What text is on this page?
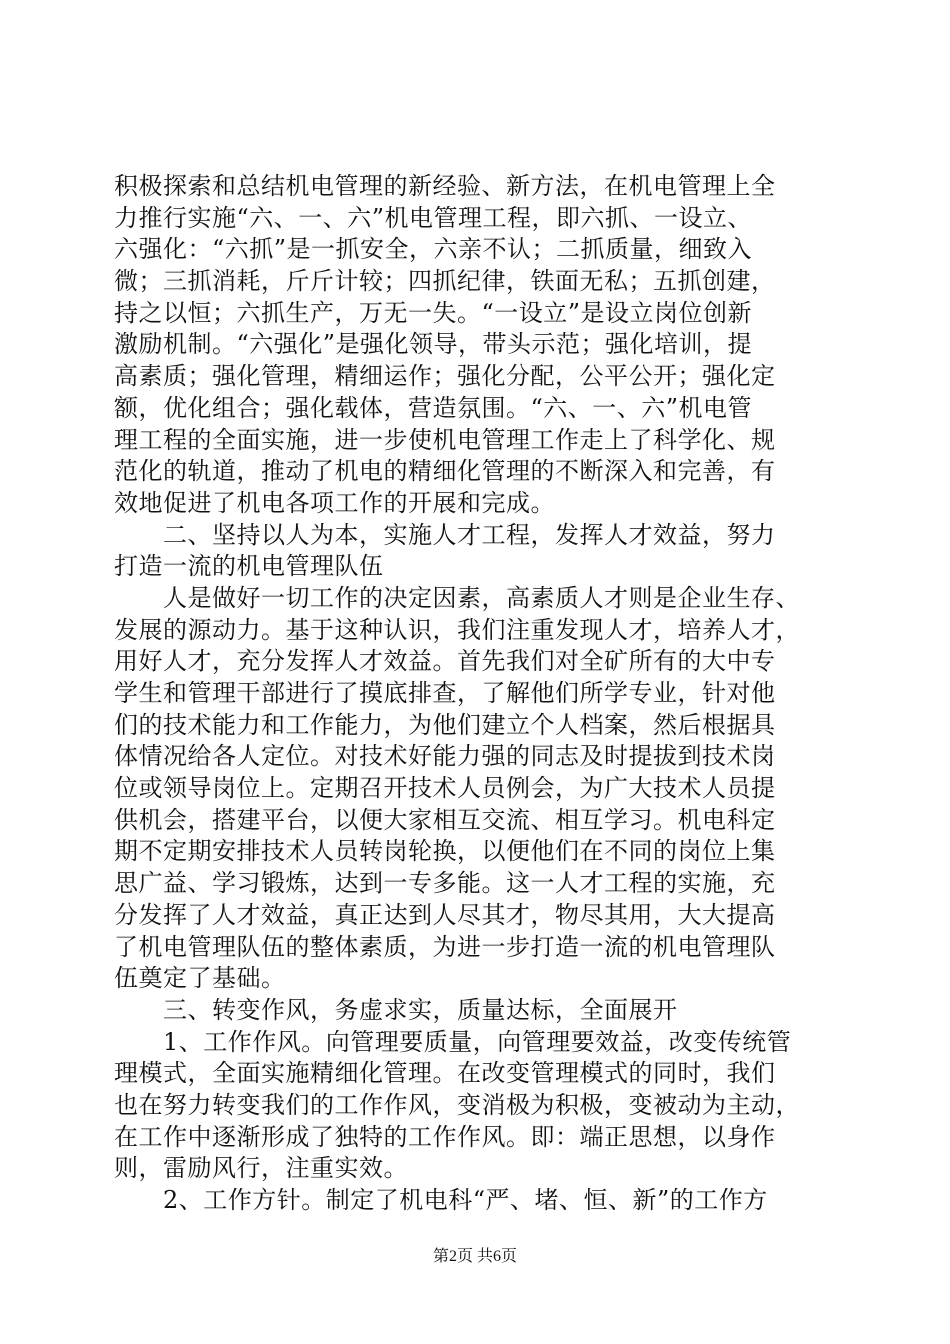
积极探索和总结机电管理的新经验、新方法，在机电管理上全
力推行实施“六、一、六”机电管理工程，即六抓、一设立、
六强化：“六抓”是一抓安全，六亲不认；二抓质量，细致入
微；三抓消耗，斤斤计较；四抓纪律，铁面无私；五抓创建，
持之以恒；六抓生产，万无一失。“一设立”是设立岗位创新
激励机制。“六强化”是强化领导，带头示范；强化培训，提
高素质；强化管理，精细运作；强化分配，公平公开；强化定
额，优化组合；强化载体，营造氛围。“六、一、六”机电管
理工程的全面实施，进一步使机电管理工作走上了科学化、规
范化的轨道，推动了机电的精细化管理的不断深入和完善，有
效地促进了机电各项工作的开展和完成。
　　二、坚持以人为本，实施人才工程，发挥人才效益，努力
打造一流的机电管理队伍
　　人是做好一切工作的决定因素，高素质人才则是企业生存、
发展的源动力。基于这种认识，我们注重发现人才，培养人才，
用好人才，充分发挥人才效益。首先我们对全矿所有的大中专
学生和管理干部进行了摸底排查，了解他们所学专业，针对他
们的技术能力和工作能力，为他们建立个人档案，然后根据具
体情况给各人定位。对技术好能力强的同志及时提拔到技术岗
位或领导岗位上。定期召开技术人员例会，为广大技术人员提
供机会，搭建平台，以便大家相互交流、相互学习。机电科定
期不定期安排技术人员转岗轮换，以便他们在不同的岗位上集
思广益、学习锻炼，达到一专多能。这一人才工程的实施，充
分发挥了人才效益，真正达到人尽其才，物尽其用，大大提高
了机电管理队伍的整体素质，为进一步打造一流的机电管理队
伍奠定了基础。
　　三、转变作风，务虚求实，质量达标，全面展开
　　1、工作作风。向管理要质量，向管理要效益，改变传统管
理模式，全面实施精细化管理。在改变管理模式的同时，我们
也在努力转变我们的工作作风，变消极为积极，变被动为主动，
在工作中逐渐形成了独特的工作作风。即：端正思想，以身作
则，雷励风行，注重实效。
　　2、工作方针。制定了机电科“严、堵、恒、新”的工作方
第2页 共6页
